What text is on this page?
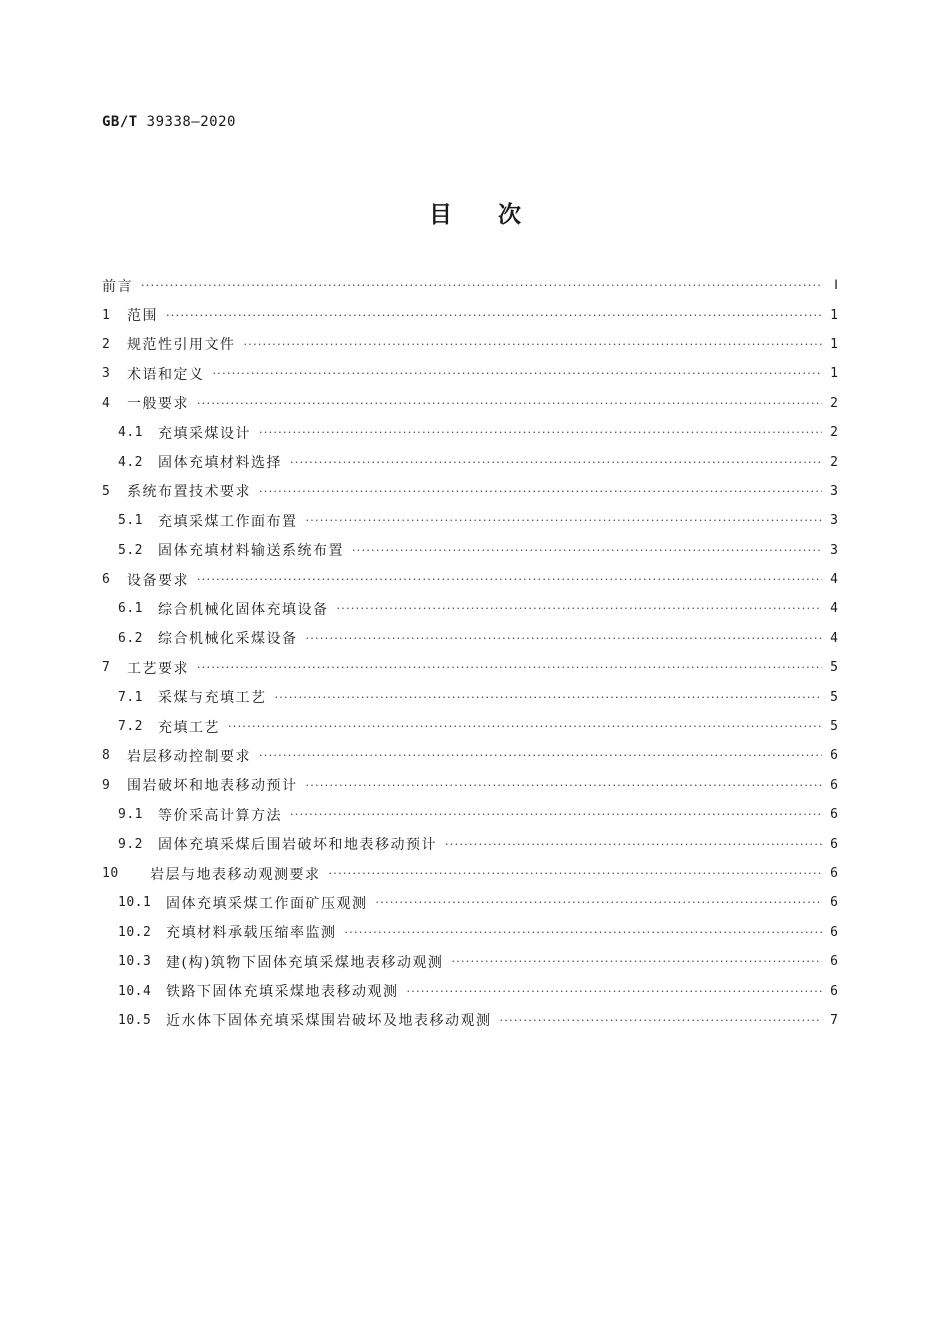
GB/T 39338—2020
目　　次
前言 ·····	Ⅰ
1	范围 ·····	1
2	规范性引用文件 ·····	1
3	术语和定义 ·····	1
4	一般要求 ·····	2
4.1	充填采煤设计 ·····	2
4.2	固体充填材料选择 ·····	2
5	系统布置技术要求 ·····	3
5.1	充填采煤工作面布置 ·····	3
5.2	固体充填材料输送系统布置 ·····	3
6	设备要求 ·····	4
6.1	综合机械化固体充填设备 ·····	4
6.2	综合机械化采煤设备 ·····	4
7	工艺要求 ·····	5
7.1	采煤与充填工艺 ·····	5
7.2	充填工艺 ·····	5
8	岩层移动控制要求 ·····	6
9	围岩破坏和地表移动预计 ·····	6
9.1	等价采高计算方法 ·····	6
9.2	固体充填采煤后围岩破坏和地表移动预计 ·····	6
10	岩层与地表移动观测要求 ·····	6
10.1	固体充填采煤工作面矿压观测 ·····	6
10.2	充填材料承载压缩率监测 ·····	6
10.3	建(构)筑物下固体充填采煤地表移动观测 ·····	6
10.4	铁路下固体充填采煤地表移动观测 ·····	6
10.5	近水体下固体充填采煤围岩破坏及地表移动观测 ·····	7
